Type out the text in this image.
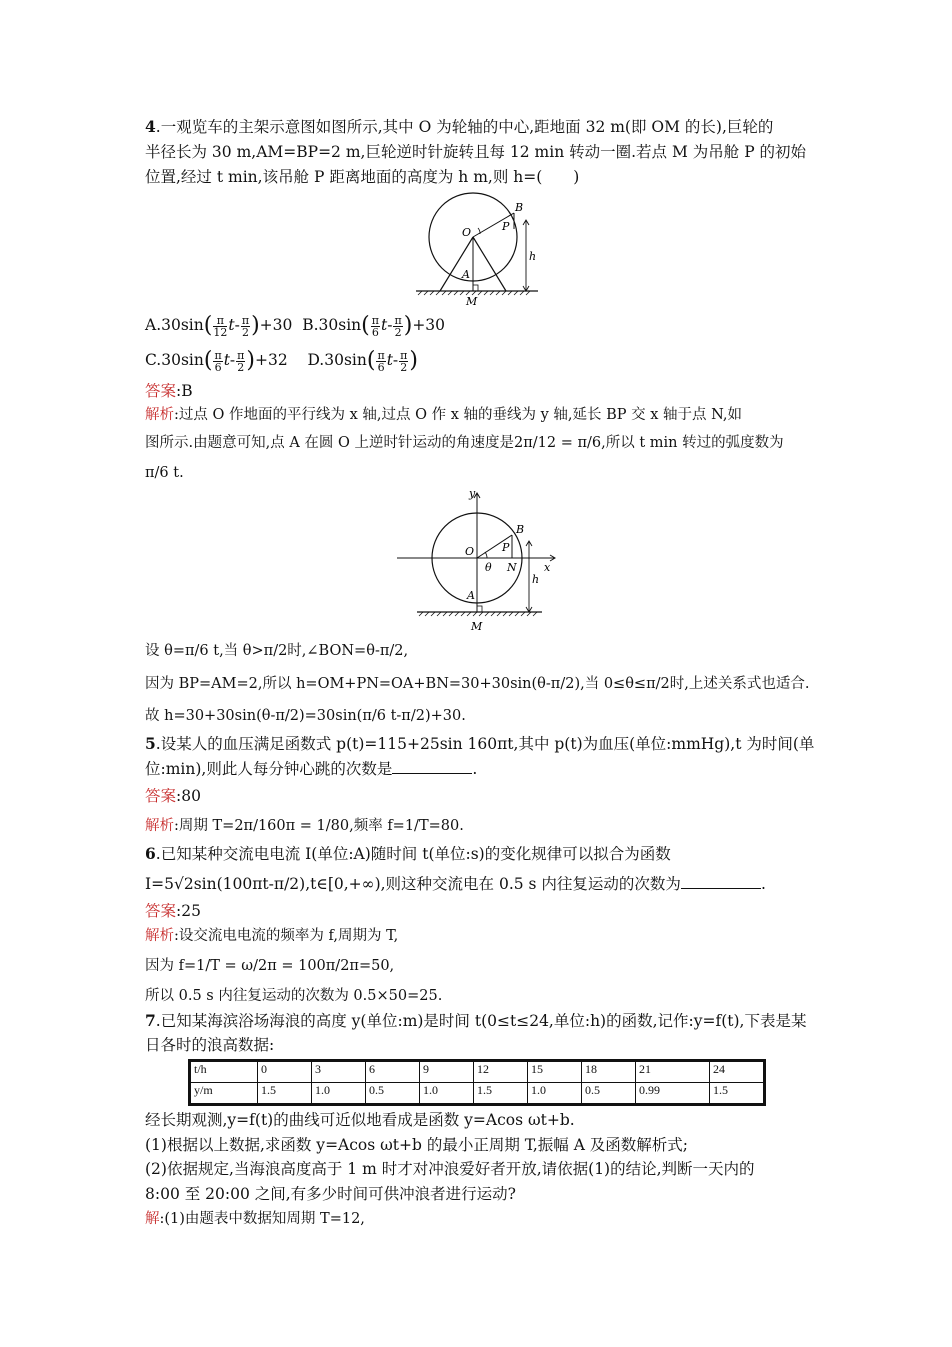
4.一观览车的主架示意图如图所示,其中 O 为轮轴的中心,距地面 32 m(即 OM 的长),巨轮的
半径长为 30 m,AM=BP=2 m,巨轮逆时针旋转且每 12 min 转动一圈.若点 M 为吊舱 P 的初始
位置,经过 t min,该吊舱 P 距离地面的高度为 h m,则 h=(　　)
O	P
B
A
M
h
$A.30\sin( \frac{\pi}{12} t- \frac{\pi}{2} )+30$ $B.30\sin( \frac{\pi}{6} t- \frac{\pi}{2} )+30$
$C.30\sin( \frac{\pi}{6} t- \frac{\pi}{2} )+32$ $D.30\sin( \frac{\pi}{6} t- \frac{\pi}{2}$ )
答案:B
解析:过点 O 作地面的平行线为 x 轴,过点 O 作 x 轴的垂线为 y 轴,延长 BP 交 x 轴于点 N,如
图所示.由题意可知,点 A 在圆 O 上逆时针运动的角速度是2π/12 = π/6,所以 t min 转过的弧度数为
π/6 t.
y
x
O	P
B
θ N
A
M
h
设 θ=π/6 t,当 θ>π/2时,∠BON=θ-π/2,
因为 BP=AM=2,所以 h=OM+PN=OA+BN=30+30sin(θ-π/2),当 0≤θ≤π/2时,上述关系式也适合.
故 h=30+30sin(θ-π/2)=30sin(π/6 t-π/2)+30.
5.设某人的血压满足函数式 p(t)=115+25sin 160πt,其中 p(t)为血压(单位:mmHg),t 为时间(单
位:min),则此人每分钟心跳的次数是	.
答案:80
解析:周期 T=2π/160π = 1/80,频率 f=1/T=80.
6.已知某种交流电电流 I(单位:A)随时间 t(单位:s)的变化规律可以拟合为函数
I=5√2sin(100πt-π/2),t∈[0,+∞),则这种交流电在 0.5 s 内往复运动的次数为	.
答案:25
解析:设交流电电流的频率为 f,周期为 T,
因为 f=1/T = ω/2π = 100π/2π=50,
所以 0.5 s 内往复运动的次数为 0.5×50=25.
7.已知某海滨浴场海浪的高度 y(单位:m)是时间 t(0≤t≤24,单位:h)的函数,记作:y=f(t),下表是某
日各时的浪高数据:
t/h	0	3	6	9	12	15	18	21	24
y/m	1.5	1.0	0.5	1.0	1.5	1.0	0.5	0.99	1.5
经长期观测,y=f(t)的曲线可近似地看成是函数 y=Acos ωt+b.
(1)根据以上数据,求函数 y=Acos ωt+b 的最小正周期 T,振幅 A 及函数解析式;
(2)依据规定,当海浪高度高于 1 m 时才对冲浪爱好者开放,请依据(1)的结论,判断一天内的
8:00 至 20:00 之间,有多少时间可供冲浪者进行运动?
解:(1)由题表中数据知周期 T=12,
